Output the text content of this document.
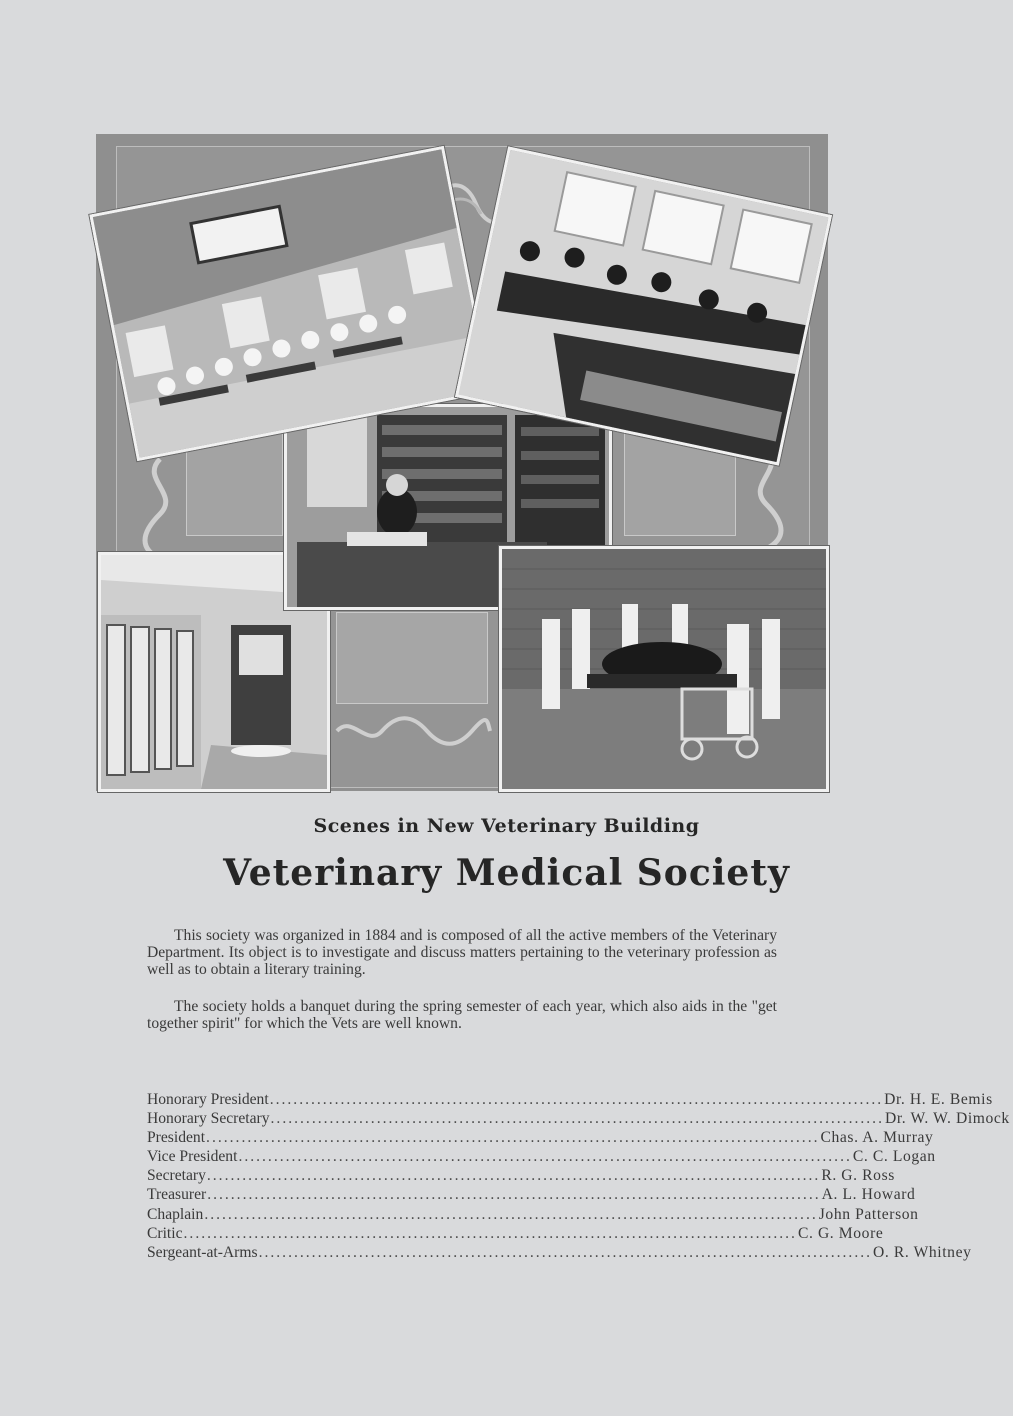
Scenes in New Veterinary Building
Veterinary Medical Society
This society was organized in 1884 and is composed of all the active members of the Veterinary Department. Its object is to investigate and discuss matters pertaining to the veterinary profession as well as to obtain a literary training.
The society holds a banquet during the spring semester of each year, which also aids in the "get together spirit" for which the Vets are well known.
Honorary President ........................................................................................................ Dr. H. E. Bemis
Honorary Secretary ........................................................................................................ Dr. W. W. Dimock
President ........................................................................................................ Chas. A. Murray
Vice President ........................................................................................................ C. C. Logan
Secretary ........................................................................................................ R. G. Ross
Treasurer ........................................................................................................ A. L. Howard
Chaplain ........................................................................................................ John Patterson
Critic ........................................................................................................ C. G. Moore
Sergeant-at-Arms ........................................................................................................ O. R. Whitney
